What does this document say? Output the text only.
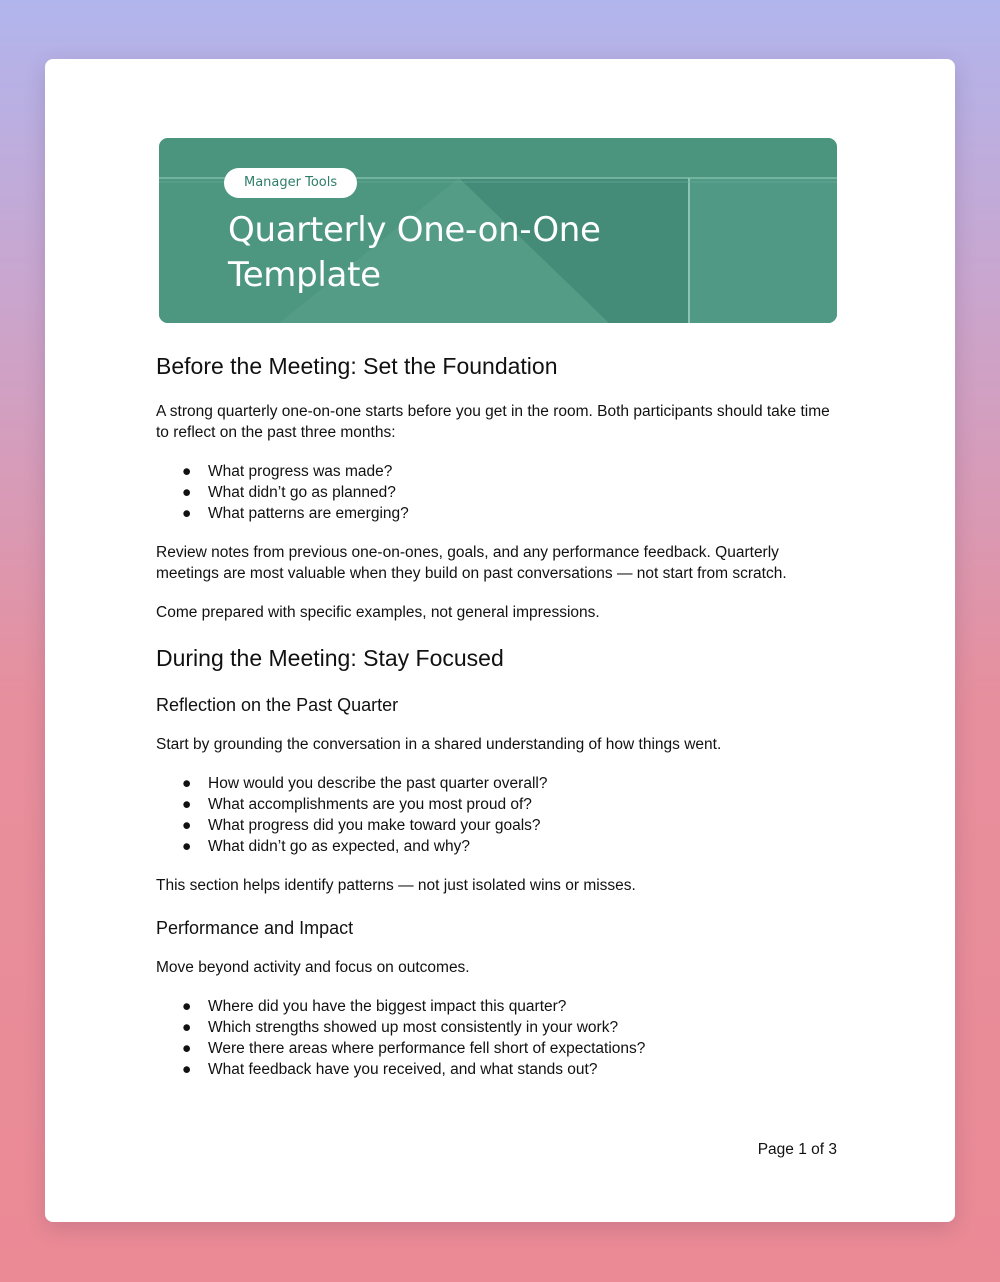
Manager Tools
Quarterly One-on-One Template
Before the Meeting: Set the Foundation

A strong quarterly one-on-one starts before you get in the room. Both participants should take time to reflect on the past three months:

● What progress was made?
● What didn’t go as planned?
● What patterns are emerging?

Review notes from previous one-on-ones, goals, and any performance feedback. Quarterly meetings are most valuable when they build on past conversations — not start from scratch.

Come prepared with specific examples, not general impressions.

During the Meeting: Stay Focused
Reflection on the Past Quarter

Start by grounding the conversation in a shared understanding of how things went.

● How would you describe the past quarter overall?
● What accomplishments are you most proud of?
● What progress did you make toward your goals?
● What didn’t go as expected, and why?

This section helps identify patterns — not just isolated wins or misses.

Performance and Impact

Move beyond activity and focus on outcomes.

● Where did you have the biggest impact this quarter?
● Which strengths showed up most consistently in your work?
● Were there areas where performance fell short of expectations?
● What feedback have you received, and what stands out?
Page 1 of 3
